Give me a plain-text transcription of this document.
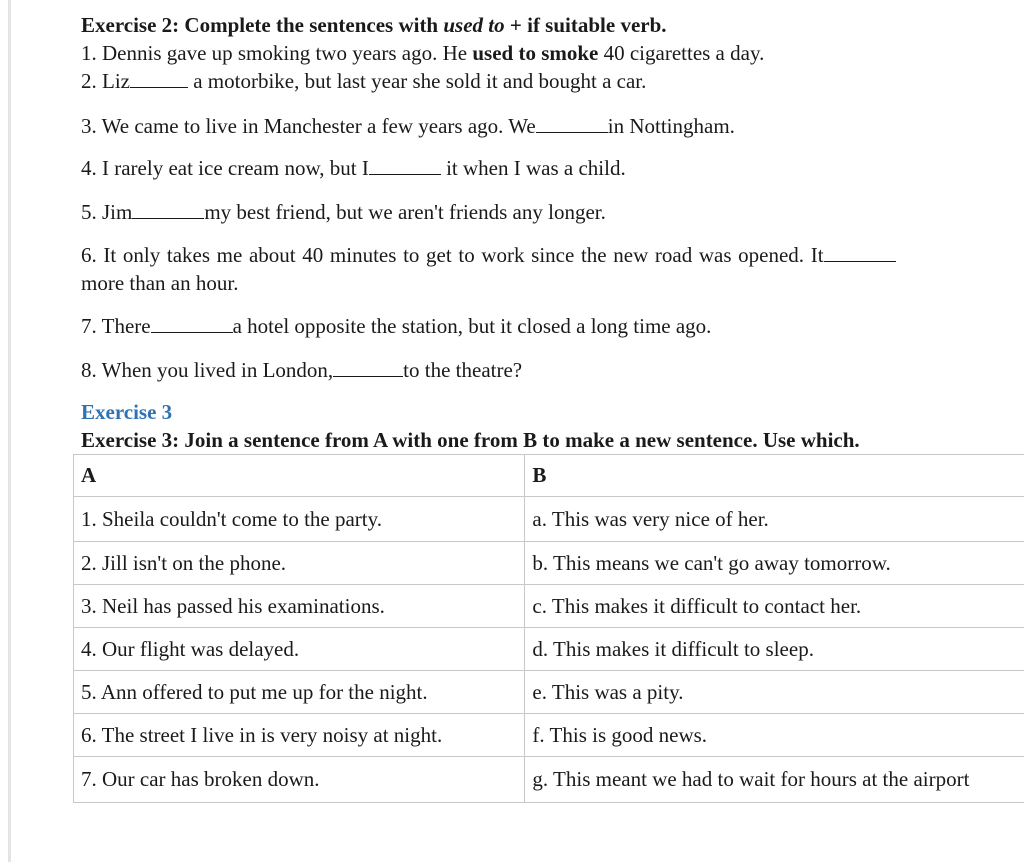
Exercise 2: Complete the sentences with used to + if suitable verb.
1. Dennis gave up smoking two years ago. He used to smoke 40 cigarettes a day.
2. Liz	a motorbike, but last year she sold it and bought a car.
3. We came to live in Manchester a few years ago. We	in Nottingham.
4. I rarely eat ice cream now, but I	it when I was a child.
5. Jim	my best friend, but we aren't friends any longer.
6. It only takes me about 40 minutes to get to work since the new road was opened. It
more than an hour.
7. There	a hotel opposite the station, but it closed a long time ago.
8. When you lived in London,	to the theatre?
Exercise 3
Exercise 3: Join a sentence from A with one from B to make a new sentence. Use which.
A	B
1. Sheila couldn't come to the party.	a. This was very nice of her.
2. Jill isn't on the phone.	b. This means we can't go away tomorrow.
3. Neil has passed his examinations.	c. This makes it difficult to contact her.
4. Our flight was delayed.	d. This makes it difficult to sleep.
5. Ann offered to put me up for the night.	e. This was a pity.
6. The street I live in is very noisy at night.	f. This is good news.
7. Our car has broken down.	g. This meant we had to wait for hours at the airport
